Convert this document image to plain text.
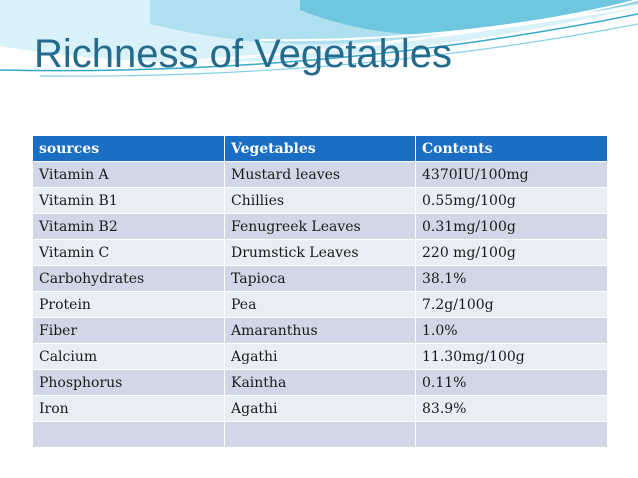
Richness of Vegetables
sources	Vegetables	Contents
Vitamin A	Mustard leaves	4370IU/100mg
Vitamin B1	Chillies	0.55mg/100g
Vitamin B2	Fenugreek Leaves	0.31mg/100g
Vitamin C	Drumstick Leaves	220 mg/100g
Carbohydrates	Tapioca	38.1%
Protein	Pea	7.2g/100g
Fiber	Amaranthus	1.0%
Calcium	Agathi	11.30mg/100g
Phosphorus	Kaintha	0.11%
Iron	Agathi	83.9%
